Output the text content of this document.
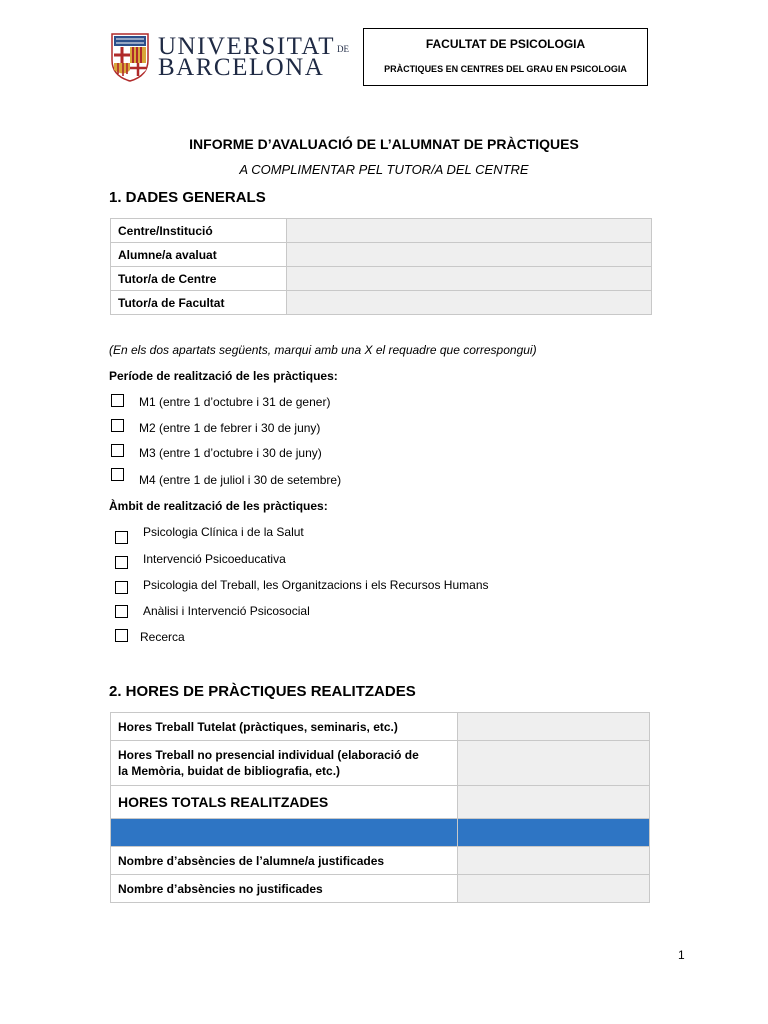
UNIVERSITAT DE
BARCELONA
FACULTAT DE PSICOLOGIA
PRÀCTIQUES EN CENTRES DEL GRAU EN PSICOLOGIA
INFORME D’AVALUACIÓ DE L’ALUMNAT DE PRÀCTIQUES
A COMPLIMENTAR PEL TUTOR/A DEL CENTRE
1. DADES GENERALS
Centre/Institució	
Alumne/a avaluat	
Tutor/a de Centre	
Tutor/a de Facultat	
(En els dos apartats següents, marqui amb una X el requadre que correspongui)
Període de realització de les pràctiques:
M1 (entre 1 d’octubre i 31 de gener)
M2 (entre 1 de febrer i 30 de juny)
M3 (entre 1 d’octubre i 30 de juny)
M4 (entre 1 de juliol i 30 de setembre)
Àmbit de realització de les pràctiques:
Psicologia Clínica i de la Salut
Intervenció Psicoeducativa
Psicologia del Treball, les Organitzacions i els Recursos Humans
Anàlisi i Intervenció Psicosocial
Recerca
2. HORES DE PRÀCTIQUES REALITZADES
Hores Treball Tutelat (pràctiques, seminaris, etc.)	
Hores Treball no presencial individual (elaboració de
la Memòria, buidat de bibliografia, etc.)	
HORES TOTALS REALITZADES	

Nombre d’absències de l’alumne/a justificades	
Nombre d’absències no justificades	
1
